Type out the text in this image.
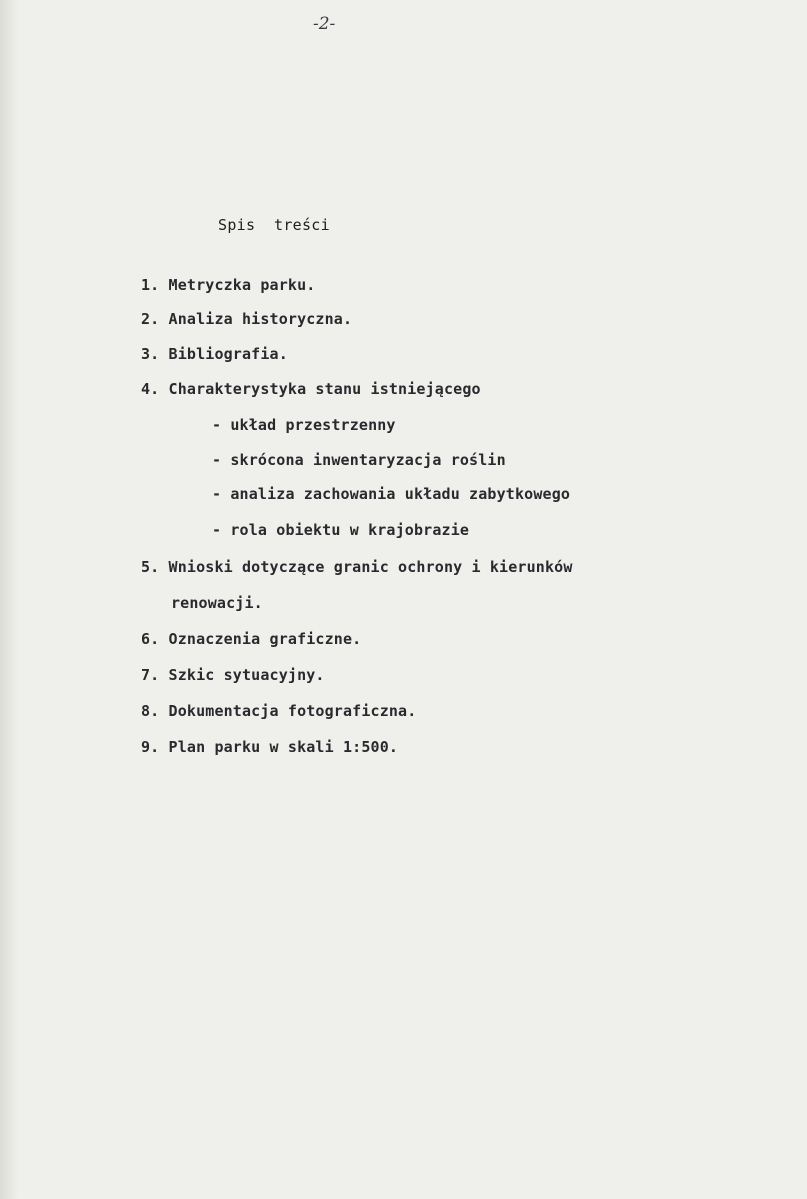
-2-
Spis  treści
1. Metryczka parku.
2. Analiza historyczna.
3. Bibliografia.
4. Charakterystyka stanu istniejącego
- układ przestrzenny
- skrócona inwentaryzacja roślin
- analiza zachowania układu zabytkowego
- rola obiektu w krajobrazie
5. Wnioski dotyczące granic ochrony i kierunków
renowacji.
6. Oznaczenia graficzne.
7. Szkic sytuacyjny.
8. Dokumentacja fotograficzna.
9. Plan parku w skali 1:500.
